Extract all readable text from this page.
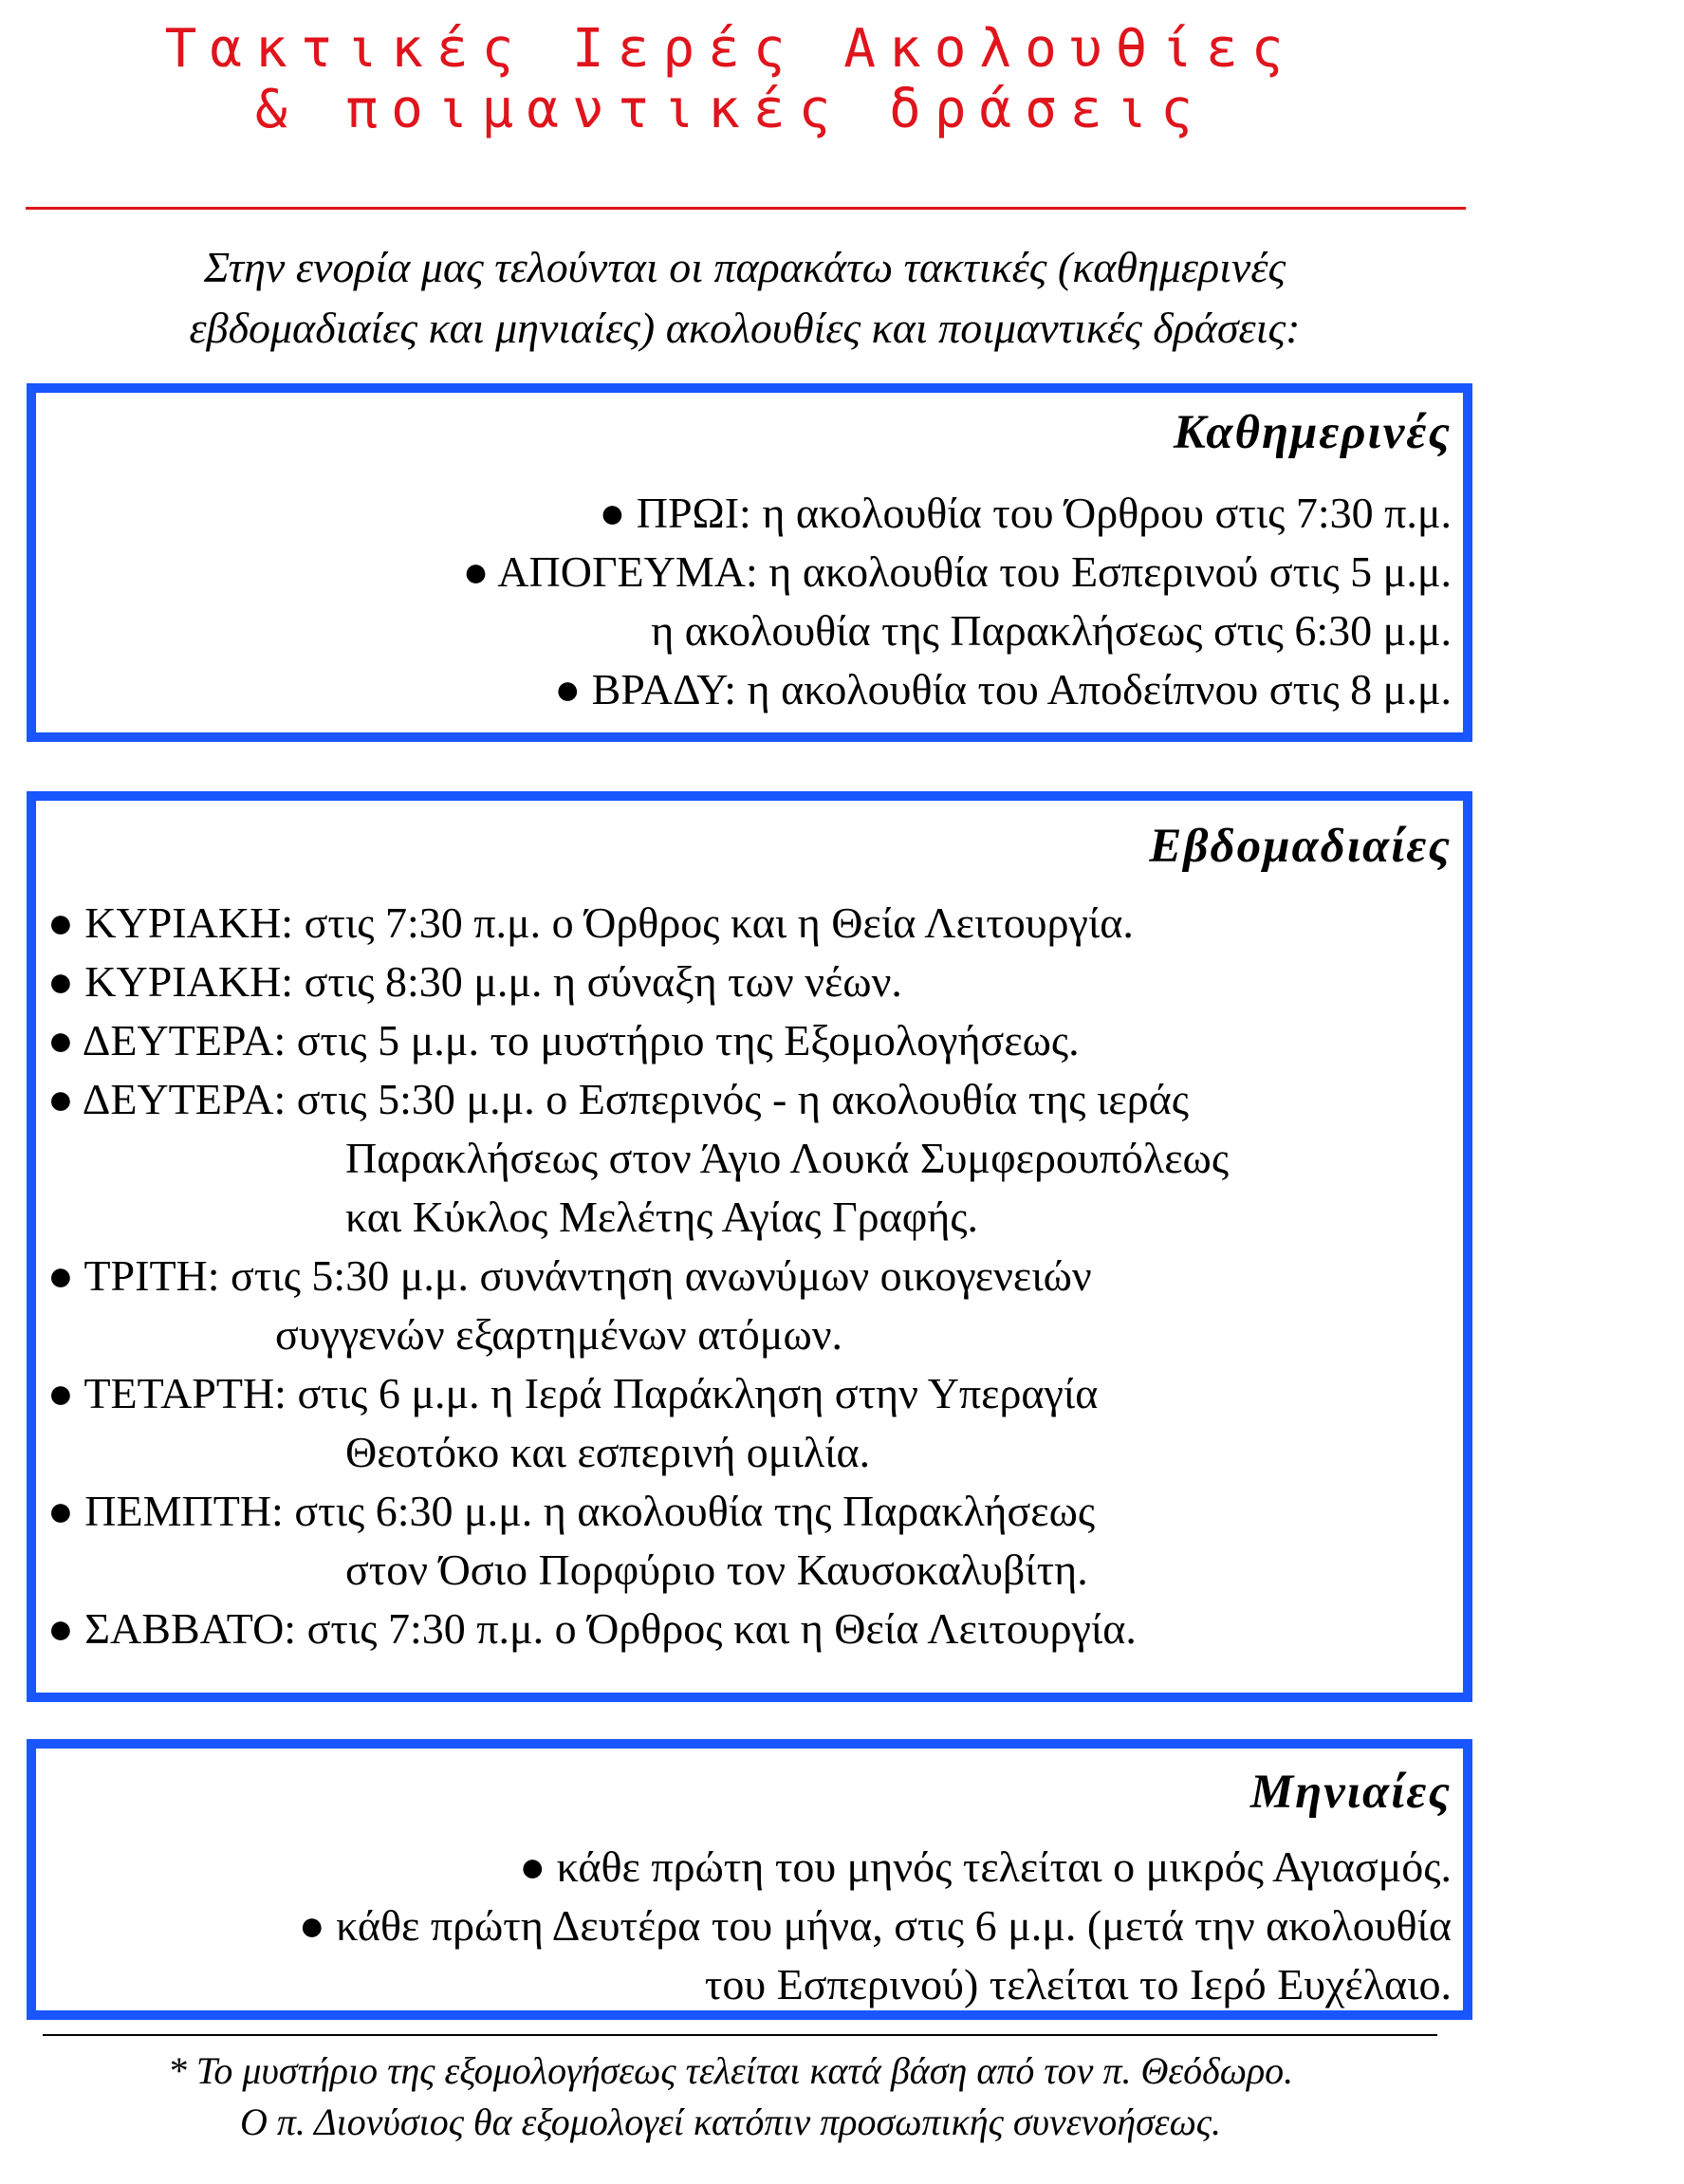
Τακτικές Ιερές Ακολουθίες
& ποιμαντικές δράσεις
Στην ενορία μας τελούνται οι παρακάτω τακτικές (καθημερινές
εβδομαδιαίες και μηνιαίες) ακολουθίες και ποιμαντικές δράσεις:
Καθημερινές
● ΠΡΩΙ: η ακολουθία του Όρθρου στις 7:30 π.μ.
● ΑΠΟΓΕΥΜΑ: η ακολουθία του Εσπερινού στις 5 μ.μ.
η ακολουθία της Παρακλήσεως στις 6:30 μ.μ.
● ΒΡΑΔΥ: η ακολουθία του Αποδείπνου στις 8 μ.μ.
Εβδομαδιαίες
● ΚΥΡΙΑΚΗ: στις 7:30 π.μ. ο Όρθρος και η Θεία Λειτουργία.
● ΚΥΡΙΑΚΗ: στις 8:30 μ.μ. η σύναξη των νέων.
● ΔΕΥΤΕΡΑ: στις 5 μ.μ. το μυστήριο της Εξομολογήσεως.
● ΔΕΥΤΕΡΑ: στις 5:30 μ.μ. ο Εσπερινός - η ακολουθία της ιεράς
Παρακλήσεως στον Άγιο Λουκά Συμφερουπόλεως
και Κύκλος Μελέτης Αγίας Γραφής.
● ΤΡΙΤΗ: στις 5:30 μ.μ. συνάντηση ανωνύμων οικογενειών
συγγενών εξαρτημένων ατόμων.
● ΤΕΤΑΡΤΗ: στις 6 μ.μ. η Ιερά Παράκληση στην Υπεραγία
Θεοτόκο και εσπερινή ομιλία.
● ΠΕΜΠΤΗ: στις 6:30 μ.μ. η ακολουθία της Παρακλήσεως
στον Όσιο Πορφύριο τον Καυσοκαλυβίτη.
● ΣΑΒΒΑΤΟ: στις 7:30 π.μ. ο Όρθρος και η Θεία Λειτουργία.
Μηνιαίες
● κάθε πρώτη του μηνός τελείται ο μικρός Αγιασμός.
● κάθε πρώτη Δευτέρα του μήνα, στις 6 μ.μ. (μετά την ακολουθία
του Εσπερινού) τελείται το Ιερό Ευχέλαιο.
* Το μυστήριο της εξομολογήσεως τελείται κατά βάση από τον π. Θεόδωρο.
Ο π. Διονύσιος θα εξομολογεί κατόπιν προσωπικής συνενοήσεως.
